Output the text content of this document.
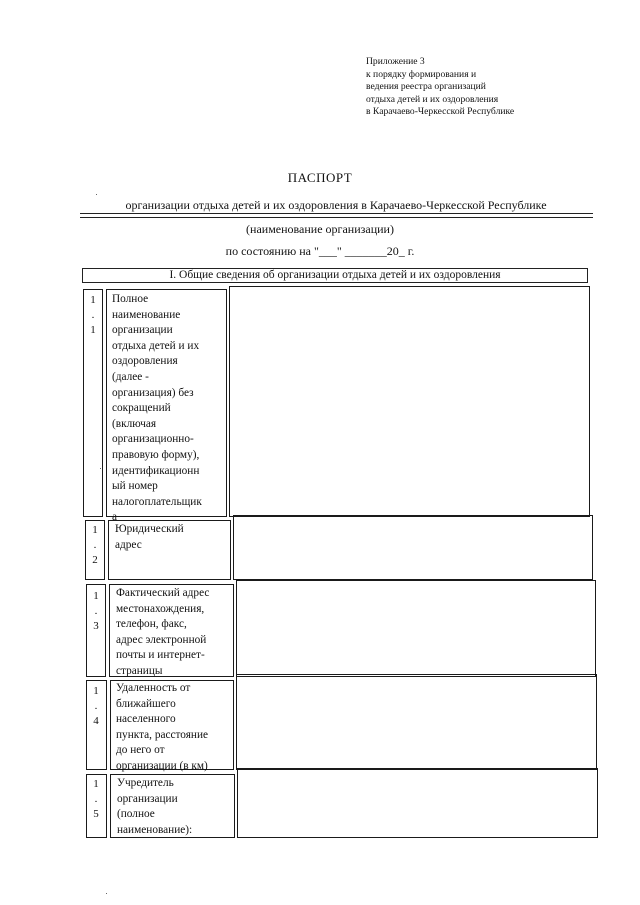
Приложение 3
к порядку формирования и
ведения реестра организаций
отдыха детей и их оздоровления
в Карачаево-Черкесской Республике
ПАСПОРТ
организации отдыха детей и их оздоровления в Карачаево-Черкесской Республике
(наименование организации)
по состоянию на "___" _______20_ г.
I. Общие сведения об организации отдыха детей и их оздоровления
1
.
1
Полное
наименование
организации
отдыха детей и их
оздоровления
(далее -
организация) без
сокращений
(включая
организационно-
правовую форму),
идентификационн
ый номер
налогоплательщик
а
1
.
2
Юридический
адрес
1
.
3
Фактический адрес
местонахождения,
телефон, факс,
адрес электронной
почты и интернет-
страницы
1
.
4
Удаленность от
ближайшего
населенного
пункта, расстояние
до него от
организации (в км)
1
.
5
Учредитель
организации
(полное
наименование):
